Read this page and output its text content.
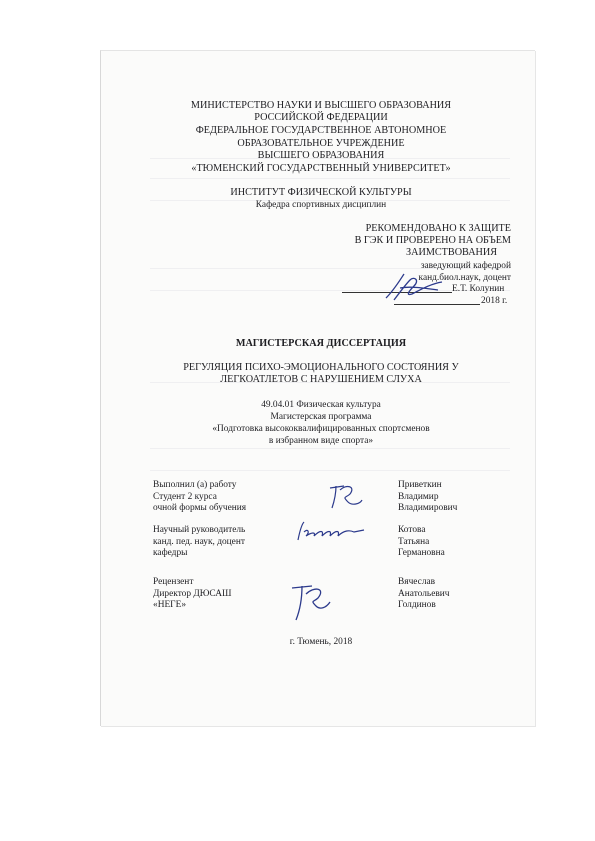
МИНИСТЕРСТВО НАУКИ И ВЫСШЕГО ОБРАЗОВАНИЯ
РОССИЙСКОЙ ФЕДЕРАЦИИ
ФЕДЕРАЛЬНОЕ ГОСУДАРСТВЕННОЕ АВТОНОМНОЕ
ОБРАЗОВАТЕЛЬНОЕ УЧРЕЖДЕНИЕ
ВЫСШЕГО ОБРАЗОВАНИЯ
«ТЮМЕНСКИЙ ГОСУДАРСТВЕННЫЙ УНИВЕРСИТЕТ»
ИНСТИТУТ ФИЗИЧЕСКОЙ КУЛЬТУРЫ
Кафедра спортивных дисциплин
РЕКОМЕНДОВАНО К ЗАЩИТЕ
В ГЭК И ПРОВЕРЕНО НА ОБЪЕМ
ЗАИМСТВОВАНИЯ
заведующий кафедрой
канд.биол.наук, доцент
Е.Т. Колунин
2018 г.
МАГИСТЕРСКАЯ ДИССЕРТАЦИЯ
РЕГУЛЯЦИЯ ПСИХО-ЭМОЦИОНАЛЬНОГО СОСТОЯНИЯ У
ЛЕГКОАТЛЕТОВ С НАРУШЕНИЕМ СЛУХА
49.04.01 Физическая культура
Магистерская программа
«Подготовка высококвалифицированных спортсменов
в избранном виде спорта»
Выполнил (а) работу
Студент 2 курса
очной формы обучения
Приветкин
Владимир
Владимирович
Научный руководитель
канд. пед. наук, доцент
кафедры
Котова
Татьяна
Германовна
Рецензент
Директор ДЮСАШ
«НЕГЕ»
Вячеслав
Анатольевич
Голдинов
г. Тюмень, 2018
